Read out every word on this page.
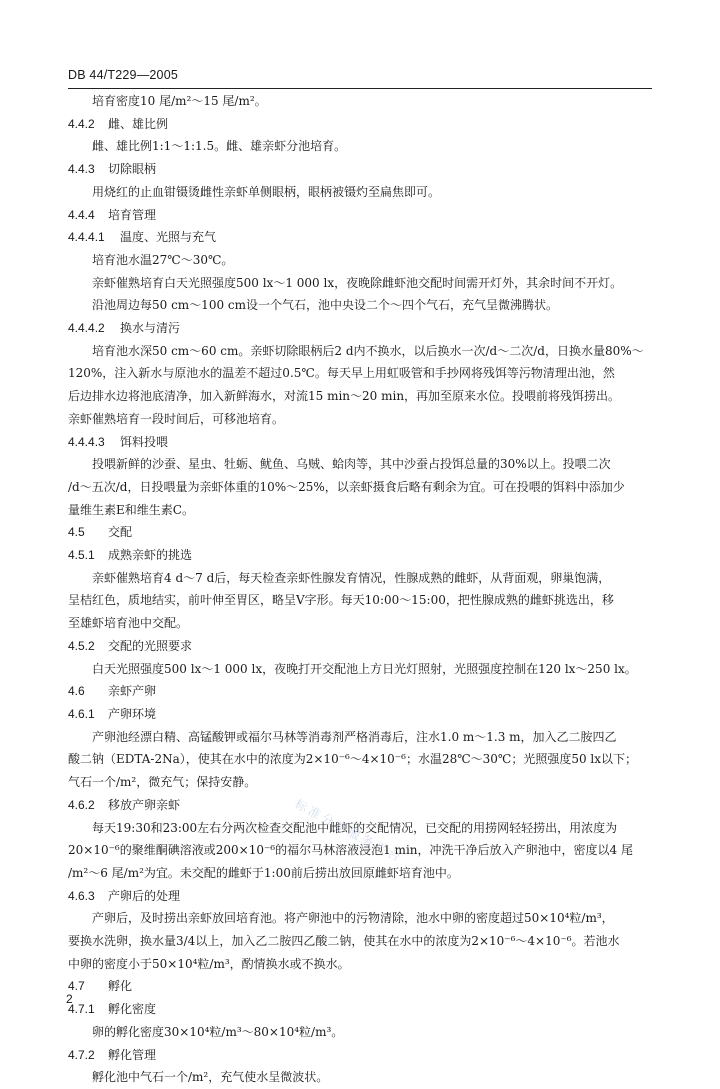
DB 44/T229—2005
培育密度10 尾/m²～15 尾/m²。
4.4.2 雌、雄比例
雌、雄比例1:1～1:1.5。雌、雄亲虾分池培育。
4.4.3 切除眼柄
用烧红的止血钳镊烫雌性亲虾单侧眼柄，眼柄被镊灼至扁焦即可。
4.4.4 培育管理
4.4.4.1 温度、光照与充气
培育池水温27℃～30℃。
亲虾催熟培育白天光照强度500 lx～1 000 lx，夜晚除雌虾池交配时间需开灯外，其余时间不开灯。
沿池周边每50 cm～100 cm设一个气石，池中央设二个～四个气石，充气呈微沸腾状。
4.4.4.2 换水与清污
培育池水深50 cm～60 cm。亲虾切除眼柄后2 d内不换水，以后换水一次/d～二次/d，日换水量80%～
120%，注入新水与原池水的温差不超过0.5℃。每天早上用虹吸管和手抄网将残饵等污物清理出池，然
后边排水边将池底清净，加入新鲜海水，对流15 min～20 min，再加至原来水位。投喂前将残饵捞出。
亲虾催熟培育一段时间后，可移池培育。
4.4.4.3 饵料投喂
投喂新鲜的沙蚕、星虫、牡蛎、鱿鱼、乌贼、蛤肉等，其中沙蚕占投饵总量的30%以上。投喂二次
/d～五次/d，日投喂量为亲虾体重的10%～25%，以亲虾摄食后略有剩余为宜。可在投喂的饵料中添加少
量维生素E和维生素C。
4.5 交配
4.5.1 成熟亲虾的挑选
亲虾催熟培育4 d～7 d后，每天检查亲虾性腺发育情况，性腺成熟的雌虾，从背面观，卵巢饱满，
呈桔红色，质地结实，前叶伸至胃区，略呈V字形。每天10:00～15:00，把性腺成熟的雌虾挑选出，移
至雄虾培育池中交配。
4.5.2 交配的光照要求
白天光照强度500 lx～1 000 lx，夜晚打开交配池上方日光灯照射，光照强度控制在120 lx～250 lx。
4.6 亲虾产卵
4.6.1 产卵环境
产卵池经漂白精、高锰酸钾或福尔马林等消毒剂严格消毒后，注水1.0 m～1.3 m，加入乙二胺四乙
酸二钠（EDTA-2Na），使其在水中的浓度为2×10⁻⁶～4×10⁻⁶；水温28℃～30℃；光照强度50 lx以下；
气石一个/m²，微充气；保持安静。
4.6.2 移放产卵亲虾
每天19:30和23:00左右分两次检查交配池中雌虾的交配情况，已交配的用捞网轻轻捞出，用浓度为
20×10⁻⁶的聚维酮碘溶液或200×10⁻⁶的福尔马林溶液浸泡1 min，冲洗干净后放入产卵池中，密度以4 尾
/m²～6 尾/m²为宜。未交配的雌虾于1:00前后捞出放回原雌虾培育池中。
4.6.3 产卵后的处理
产卵后，及时捞出亲虾放回培育池。将产卵池中的污物清除，池水中卵的密度超过50×10⁴粒/m³，
要换水洗卵，换水量3/4以上，加入乙二胺四乙酸二钠，使其在水中的浓度为2×10⁻⁶～4×10⁻⁶。若池水
中卵的密度小于50×10⁴粒/m³，酌情换水或不换水。
4.7 孵化
4.7.1 孵化密度
卵的孵化密度30×10⁴粒/m³～80×10⁴粒/m³。
4.7.2 孵化管理
孵化池中气石一个/m²，充气使水呈微波状。
标准分享服务平台
2
